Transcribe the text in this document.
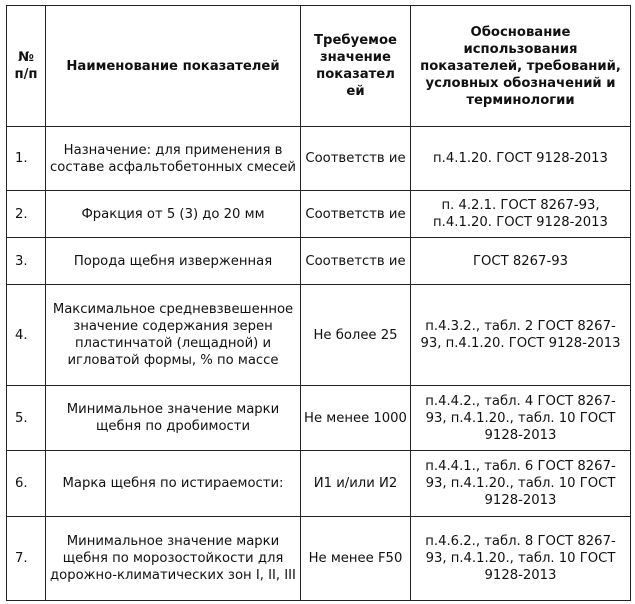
№ п/п	Наименование показателей	Требуемое значение показател ей	Обоснование использования показателей, требований, условных обозначений и терминологии
1.	Назначение: для применения в составе асфальтобетонных смесей	Соответств ие	п.4.1.20. ГОСТ 9128-2013
2.	Фракция от 5 (3) до 20 мм	Соответств ие	п. 4.2.1. ГОСТ 8267-93, п.4.1.20. ГОСТ 9128-2013
3.	Порода щебня изверженная	Соответств ие	ГОСТ 8267-93
4.	Максимальное средневзвешенное значение содержания зерен пластинчатой (лещадной) и игловатой формы, % по массе	Не более 25	п.4.3.2., табл. 2 ГОСТ 8267-93, п.4.1.20. ГОСТ 9128-2013
5.	Минимальное значение марки щебня по дробимости	Не менее 1000	п.4.4.2., табл. 4 ГОСТ 8267-93, п.4.1.20., табл. 10 ГОСТ 9128-2013
6.	Марка щебня по истираемости:	И1 и/или И2	п.4.4.1., табл. 6 ГОСТ 8267-93, п.4.1.20., табл. 10 ГОСТ 9128-2013
7.	Минимальное значение марки щебня по морозостойкости для дорожно-климатических зон I, II, III	Не менее F50	п.4.6.2., табл. 8 ГОСТ 8267-93, п.4.1.20., табл. 10 ГОСТ 9128-2013
